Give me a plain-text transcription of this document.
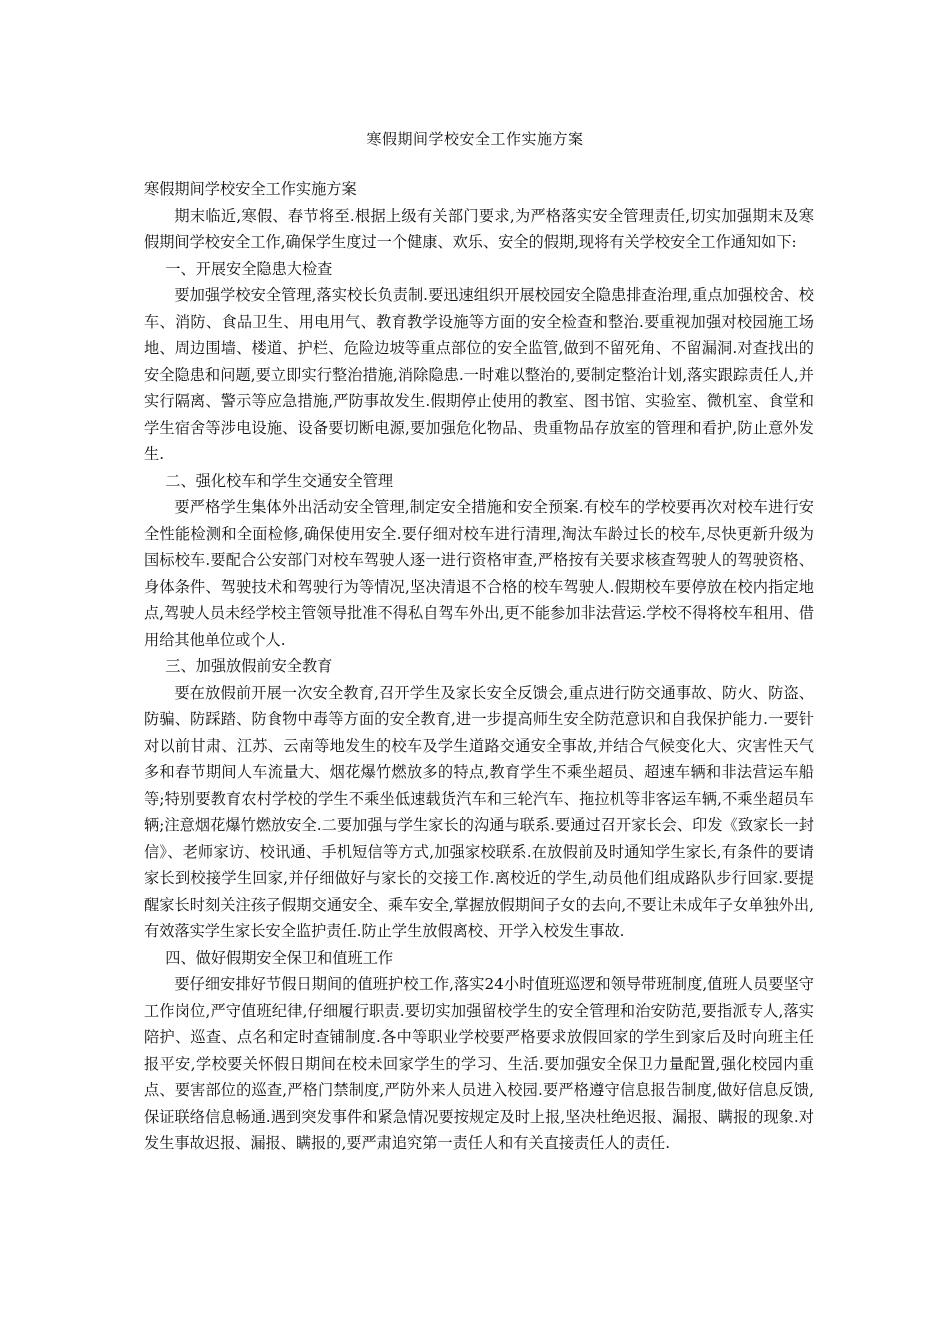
寒假期间学校安全工作实施方案

寒假期间学校安全工作实施方案

期末临近,寒假、春节将至.根据上级有关部门要求,为严格落实安全管理责任,切实加强期末及寒假期间学校安全工作,确保学生度过一个健康、欢乐、安全的假期,现将有关学校安全工作通知如下:

一、开展安全隐患大检查

要加强学校安全管理,落实校长负责制.要迅速组织开展校园安全隐患排查治理,重点加强校舍、校车、消防、食品卫生、用电用气、教育教学设施等方面的安全检查和整治.要重视加强对校园施工场地、周边围墙、楼道、护栏、危险边坡等重点部位的安全监管,做到不留死角、不留漏洞.对查找出的安全隐患和问题,要立即实行整治措施,消除隐患.一时难以整治的,要制定整治计划,落实跟踪责任人,并实行隔离、警示等应急措施,严防事故发生.假期停止使用的教室、图书馆、实验室、微机室、食堂和学生宿舍等涉电设施、设备要切断电源,要加强危化物品、贵重物品存放室的管理和看护,防止意外发生.

二、强化校车和学生交通安全管理

要严格学生集体外出活动安全管理,制定安全措施和安全预案.有校车的学校要再次对校车进行安全性能检测和全面检修,确保使用安全.要仔细对校车进行清理,淘汰车龄过长的校车,尽快更新升级为国标校车.要配合公安部门对校车驾驶人逐一进行资格审查,严格按有关要求核查驾驶人的驾驶资格、身体条件、驾驶技术和驾驶行为等情况,坚决清退不合格的校车驾驶人.假期校车要停放在校内指定地点,驾驶人员未经学校主管领导批准不得私自驾车外出,更不能参加非法营运.学校不得将校车租用、借用给其他单位或个人.

三、加强放假前安全教育

要在放假前开展一次安全教育,召开学生及家长安全反馈会,重点进行防交通事故、防火、防盗、防骗、防踩踏、防食物中毒等方面的安全教育,进一步提高师生安全防范意识和自我保护能力.一要针对以前甘肃、江苏、云南等地发生的校车及学生道路交通安全事故,并结合气候变化大、灾害性天气多和春节期间人车流量大、烟花爆竹燃放多的特点,教育学生不乘坐超员、超速车辆和非法营运车船等;特别要教育农村学校的学生不乘坐低速载货汽车和三轮汽车、拖拉机等非客运车辆,不乘坐超员车辆;注意烟花爆竹燃放安全.二要加强与学生家长的沟通与联系.要通过召开家长会、印发《致家长一封信》、老师家访、校讯通、手机短信等方式,加强家校联系.在放假前及时通知学生家长,有条件的要请家长到校接学生回家,并仔细做好与家长的交接工作.离校近的学生,动员他们组成路队步行回家.要提醒家长时刻关注孩子假期交通安全、乘车安全,掌握放假期间子女的去向,不要让未成年子女单独外出,有效落实学生家长安全监护责任.防止学生放假离校、开学入校发生事故.

四、做好假期安全保卫和值班工作

要仔细安排好节假日期间的值班护校工作,落实24小时值班巡逻和领导带班制度,值班人员要坚守工作岗位,严守值班纪律,仔细履行职责.要切实加强留校学生的安全管理和治安防范,要指派专人,落实陪护、巡查、点名和定时查铺制度.各中等职业学校要严格要求放假回家的学生到家后及时向班主任报平安,学校要关怀假日期间在校未回家学生的学习、生活.要加强安全保卫力量配置,强化校园内重点、要害部位的巡查,严格门禁制度,严防外来人员进入校园.要严格遵守信息报告制度,做好信息反馈,保证联络信息畅通.遇到突发事件和紧急情况要按规定及时上报,坚决杜绝迟报、漏报、瞒报的现象.对发生事故迟报、漏报、瞒报的,要严肃追究第一责任人和有关直接责任人的责任.
